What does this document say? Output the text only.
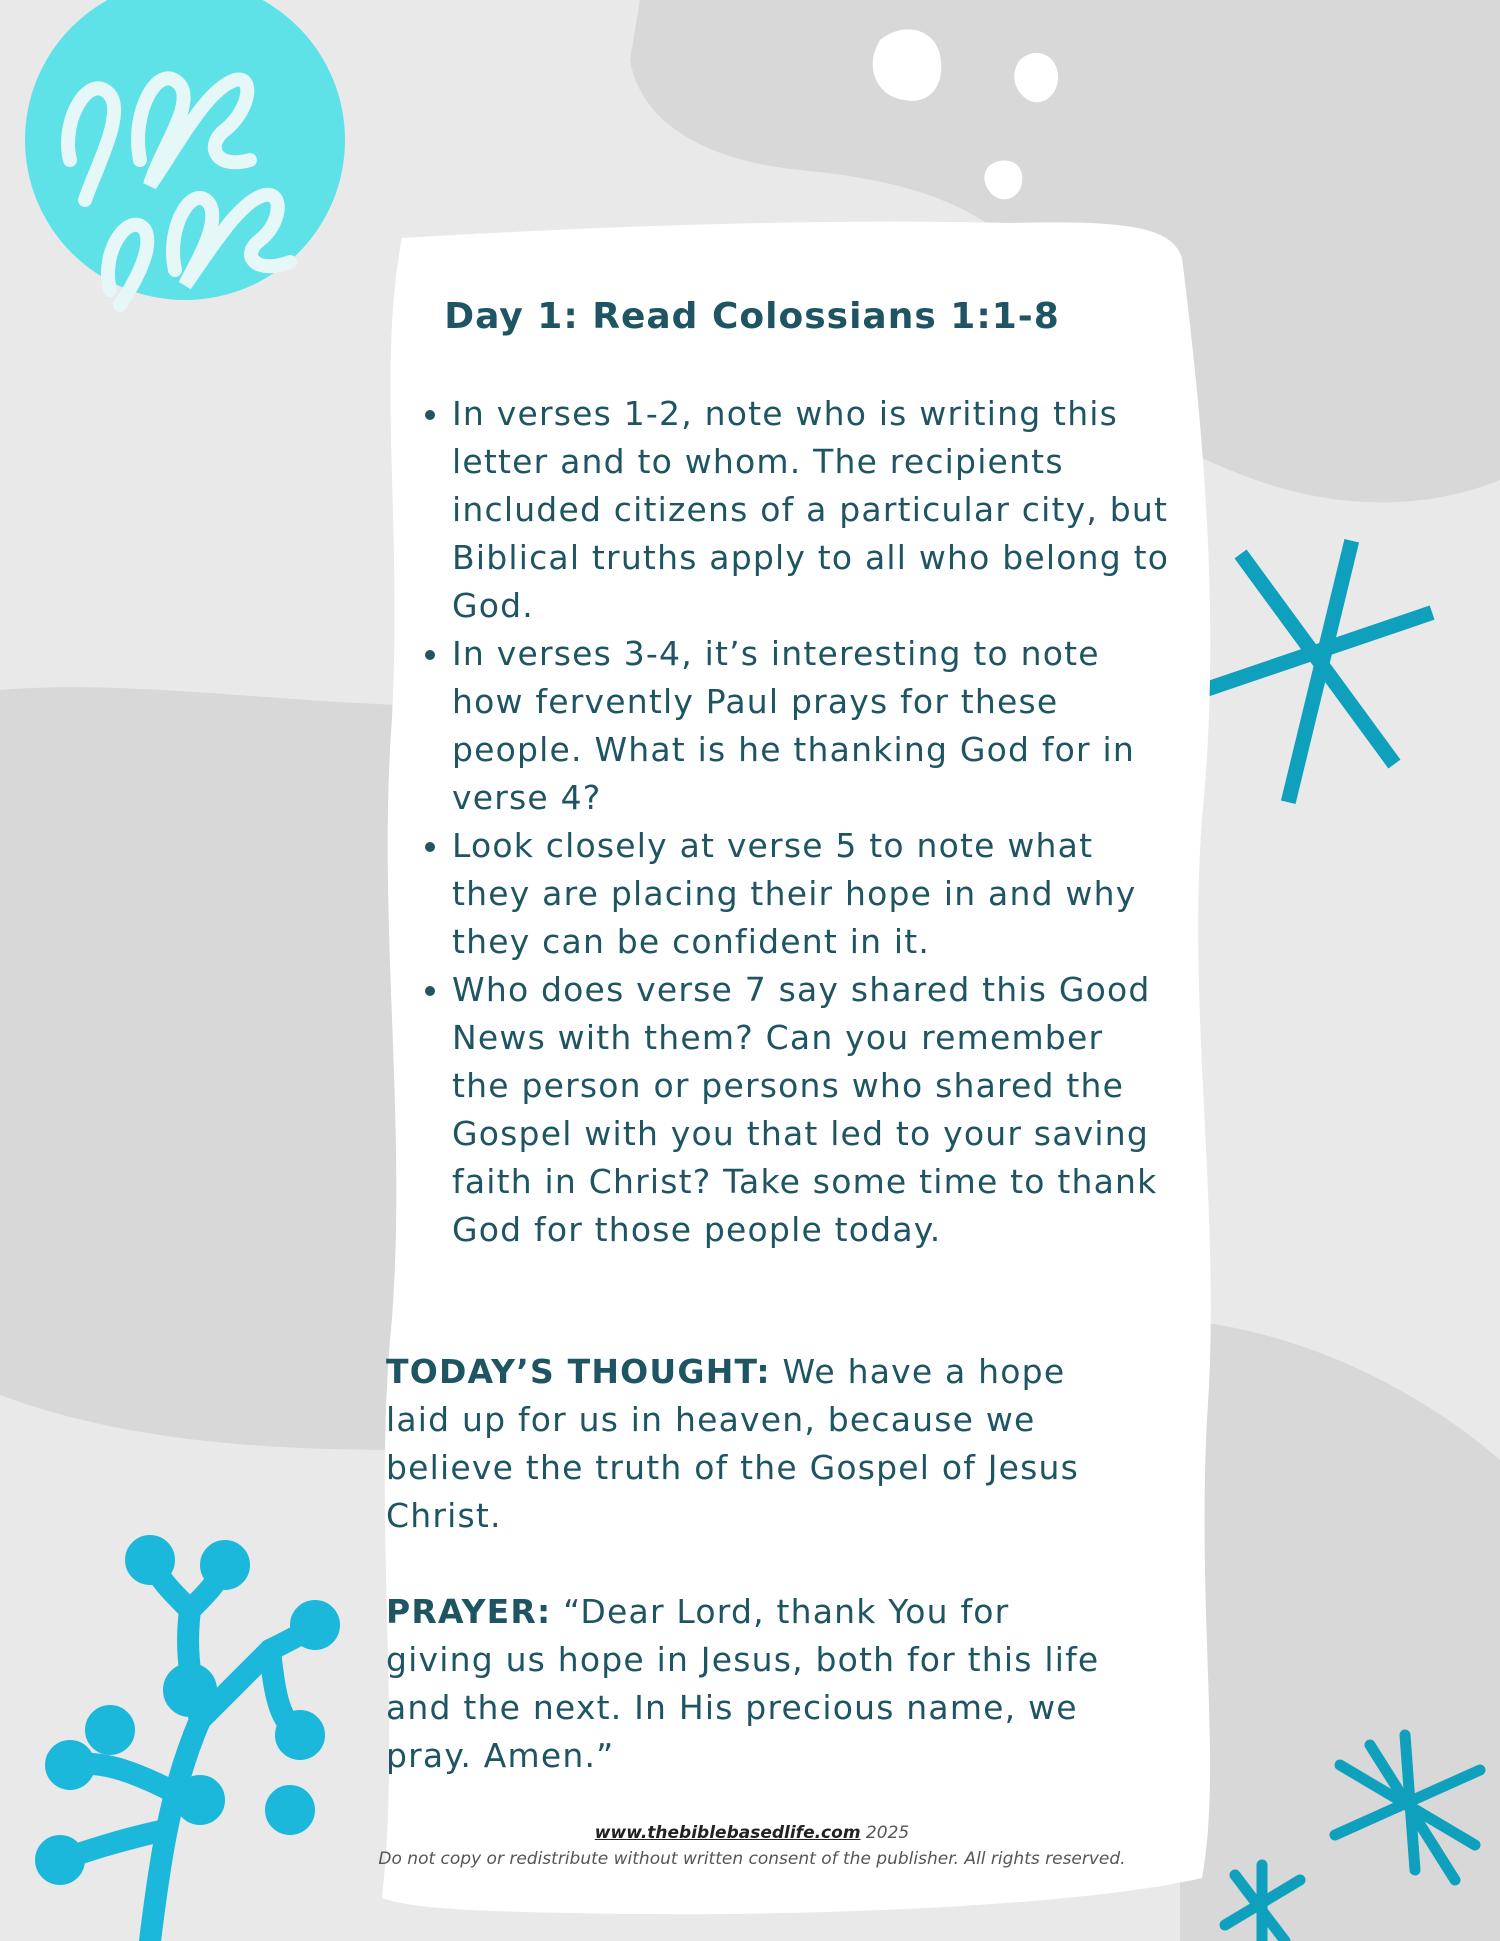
Day 1: Read Colossians 1:1-8
• In verses 1-2, note who is writing this letter and to whom. The recipients included citizens of a particular city, but Biblical truths apply to all who belong to God.
• In verses 3-4, it’s interesting to note how fervently Paul prays for these people. What is he thanking God for in verse 4?
• Look closely at verse 5 to note what they are placing their hope in and why they can be confident in it.
• Who does verse 7 say shared this Good News with them? Can you remember the person or persons who shared the Gospel with you that led to your saving faith in Christ? Take some time to thank God for those people today.

TODAY’S THOUGHT: We have a hope laid up for us in heaven, because we believe the truth of the Gospel of Jesus Christ.

PRAYER: “Dear Lord, thank You for giving us hope in Jesus, both for this life and the next. In His precious name, we pray. Amen.”

www.thebiblebasedlife.com 2025
Do not copy or redistribute without written consent of the publisher. All rights reserved.
